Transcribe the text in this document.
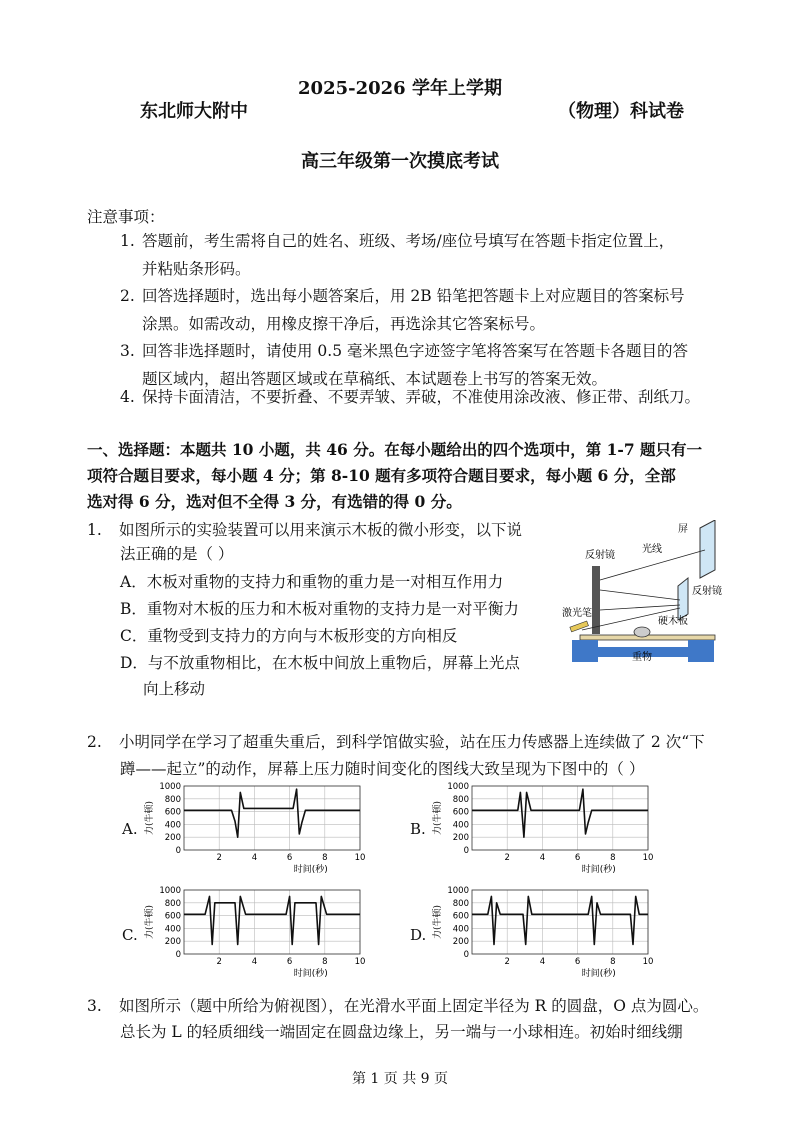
2025-2026 学年上学期
东北师大附中	（物理）科试卷
高三年级第一次摸底考试
注意事项：
1. 答题前，考生需将自己的姓名、班级、考场/座位号填写在答题卡指定位置上，
并粘贴条形码。
2. 回答选择题时，选出每小题答案后，用 2B 铅笔把答题卡上对应题目的答案标号
涂黑。如需改动，用橡皮擦干净后，再选涂其它答案标号。
3. 回答非选择题时，请使用 0.5 毫米黑色字迹签字笔将答案写在答题卡各题目的答
题区域内，超出答题区域或在草稿纸、本试题卷上书写的答案无效。
4. 保持卡面清洁，不要折叠、不要弄皱、弄破，不准使用涂改液、修正带、刮纸刀。
一、选择题：本题共 10 小题，共 46 分。在每小题给出的四个选项中，第 1-7 题只有一
项符合题目要求，每小题 4 分；第 8-10 题有多项符合题目要求，每小题 6 分，全部
选对得 6 分，选对但不全得 3 分，有选错的得 0 分。
1. 如图所示的实验装置可以用来演示木板的微小形变，以下说
法正确的是（ ）
A．木板对重物的支持力和重物的重力是一对相互作用力
B．重物对木板的压力和木板对重物的支持力是一对平衡力
C．重物受到支持力的方向与木板形变的方向相反
D．与不放重物相比，在木板中间放上重物后，屏幕上光点
向上移动
反射镜
光线
屏
反射镜
激光笔
硬木板
重物
2. 小明同学在学习了超重失重后，到科学馆做实验，站在压力传感器上连续做了 2 次“下
蹲——起立”的动作，屏幕上压力随时间变化的图线大致呈现为下图中的（ ）
A.	B.
C.	D.
0
200
400
600
800
1000
2	4	6	8	10
力(牛顿)
时间(秒)
0
200
400
600
800
1000
2	4	6	8	10
力(牛顿)
时间(秒)
0
200
400
600
800
1000
2	4	6	8	10
力(牛顿)
时间(秒)
0
200
400
600
800
1000
2	4	6	8	10
力(牛顿)
时间(秒)
3. 如图所示（题中所给为俯视图），在光滑水平面上固定半径为 R 的圆盘，O 点为圆心。
总长为 L 的轻质细线一端固定在圆盘边缘上，另一端与一小球相连。初始时细线绷
第 1 页 共 9 页
